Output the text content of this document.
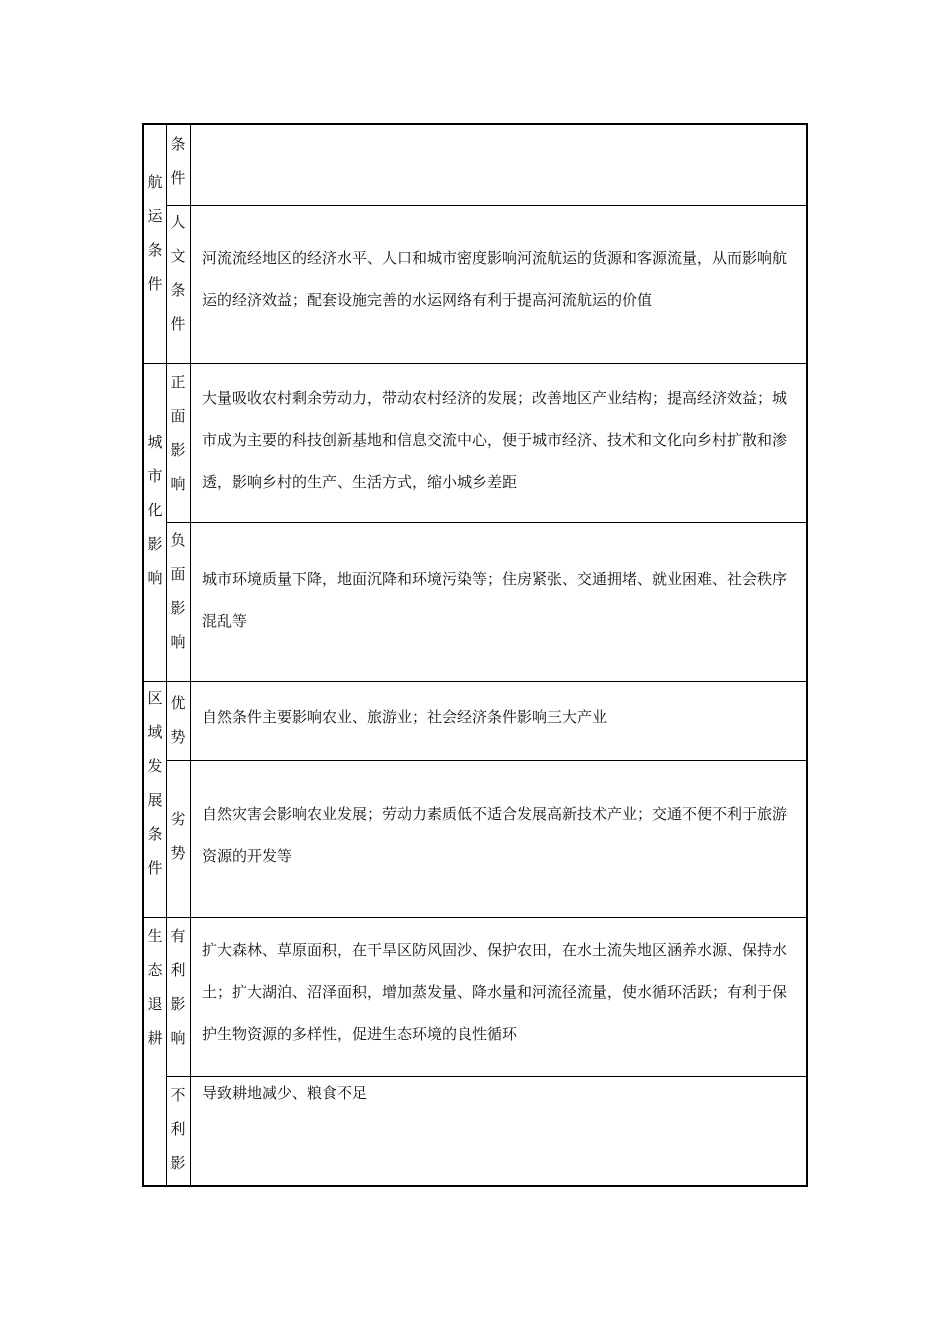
航运条件
条件
人文条件
河流流经地区的经济水平、人口和城市密度影响河流航运的货源和客源流量，从而影响航运的经济效益；配套设施完善的水运网络有利于提高河流航运的价值
城市化影响
正面影响
大量吸收农村剩余劳动力，带动农村经济的发展；改善地区产业结构；提高经济效益；城市成为主要的科技创新基地和信息交流中心，便于城市经济、技术和文化向乡村扩散和渗透，影响乡村的生产、生活方式，缩小城乡差距
负面影响
城市环境质量下降，地面沉降和环境污染等；住房紧张、交通拥堵、就业困难、社会秩序混乱等
区域发展条件
优势
自然条件主要影响农业、旅游业；社会经济条件影响三大产业
劣势
自然灾害会影响农业发展；劳动力素质低不适合发展高新技术产业；交通不便不利于旅游资源的开发等
生态退耕
有利影响
扩大森林、草原面积，在干旱区防风固沙、保护农田，在水土流失地区涵养水源、保持水土；扩大湖泊、沼泽面积，增加蒸发量、降水量和河流径流量，使水循环活跃；有利于保护生物资源的多样性，促进生态环境的良性循环
不利影
导致耕地减少、粮食不足
